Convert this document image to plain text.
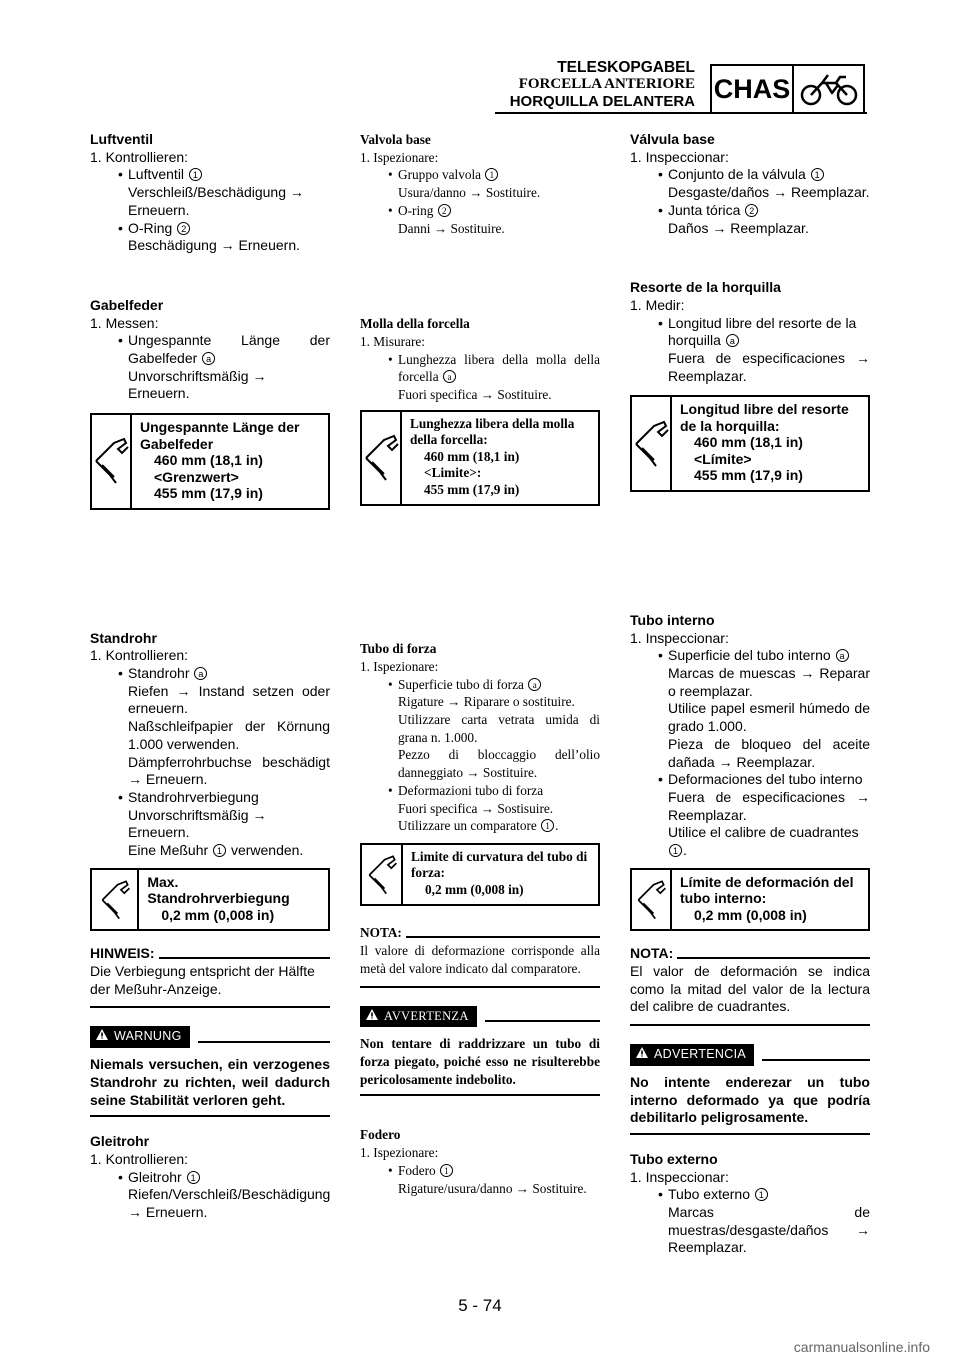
TELESKOPGABEL
FORCELLA ANTERIORE
HORQUILLA DELANTERA CHAS
Luftventil
1. Kontrollieren:
• Luftventil 1
Verschleiß/Beschädigung →
Erneuern.
• O-Ring 2
Beschädigung → Erneuern.
Gabelfeder
1. Messen:
• Ungespannte Länge der Gabelfeder a
Unvorschriftsmäßig → Erneuern.
Ungespannte Länge der Gabelfeder
460 mm (18,1 in)
<Grenzwert>
455 mm (17,9 in)
Standrohr
1. Kontrollieren:
• Standrohr a
Riefen → Instand setzen oder erneuern.
Naßschleifpapier der Körnung 1.000 verwenden.
Dämpferrohrbuchse beschädigt → Erneuern.
• Standrohrverbiegung
Unvorschriftsmäßig → Erneuern.
Eine Meßuhr 1 verwenden.
Max. Standrohrverbiegung
0,2 mm (0,008 in)
HINWEIS:
Die Verbiegung entspricht der Hälfte der Meßuhr-Anzeige.
WARNUNG
Niemals versuchen, ein verzogenes Standrohr zu richten, weil dadurch seine Stabilität verloren geht.
Gleitrohr
1. Kontrollieren:
• Gleitrohr 1
Riefen/Verschleiß/Beschädigung → Erneuern.
Valvola base
1. Ispezionare:
• Gruppo valvola 1
Usura/danno → Sostituire.
• O-ring 2
Danni → Sostituire.
Molla della forcella
1. Misurare:
• Lunghezza libera della molla della forcella a
Fuori specifica → Sostituire.
Lunghezza libera della molla della forcella:
460 mm (18,1 in)
<Limite>:
455 mm (17,9 in)
Tubo di forza
1. Ispezionare:
• Superficie tubo di forza a
Rigature → Riparare o sostituire.
Utilizzare carta vetrata umida di grana n. 1.000.
Pezzo di bloccaggio dell’olio danneggiato → Sostituire.
• Deformazioni tubo di forza
Fuori specifica → Sostisuire.
Utilizzare un comparatore 1 .
Limite di curvatura del tubo di forza:
0,2 mm (0,008 in)
NOTA:
Il valore di deformazione corrisponde alla metà del valore indicato dal comparatore.
AVVERTENZA
Non tentare di raddrizzare un tubo di forza piegato, poiché esso ne risulterebbe pericolosamente indebolito.
Fodero
1. Ispezionare:
• Fodero 1
Rigature/usura/danno → Sostituire.
Válvula base
1. Inspeccionar:
• Conjunto de la válvula 1
Desgaste/daños → Reemplazar.
• Junta tórica 2
Daños → Reemplazar.
Resorte de la horquilla
1. Medir:
• Longitud libre del resorte de la horquilla a
Fuera de especificaciones → Reemplazar.
Longitud libre del resorte de la horquilla:
460 mm (18,1 in)
<Límite>
455 mm (17,9 in)
Tubo interno
1. Inspeccionar:
• Superficie del tubo interno a
Marcas de muescas → Reparar o reemplazar.
Utilice papel esmeril húmedo de grado 1.000.
Pieza de bloqueo del aceite dañada → Reemplazar.
• Deformaciones del tubo interno
Fuera de especificaciones → Reemplazar.
Utilice el calibre de cuadrantes 1 .
Límite de deformación del tubo interno:
0,2 mm (0,008 in)
NOTA:
El valor de deformación se indica como la mitad del valor de la lectura del calibre de cuadrantes.
ADVERTENCIA
No intente enderezar un tubo interno deformado ya que podría debilitarlo peligrosamente.
Tubo externo
1. Inspeccionar:
• Tubo externo 1
Marcas de muestras/desgaste/daños → Reemplazar.
5 - 74
carmanualsonline.info
